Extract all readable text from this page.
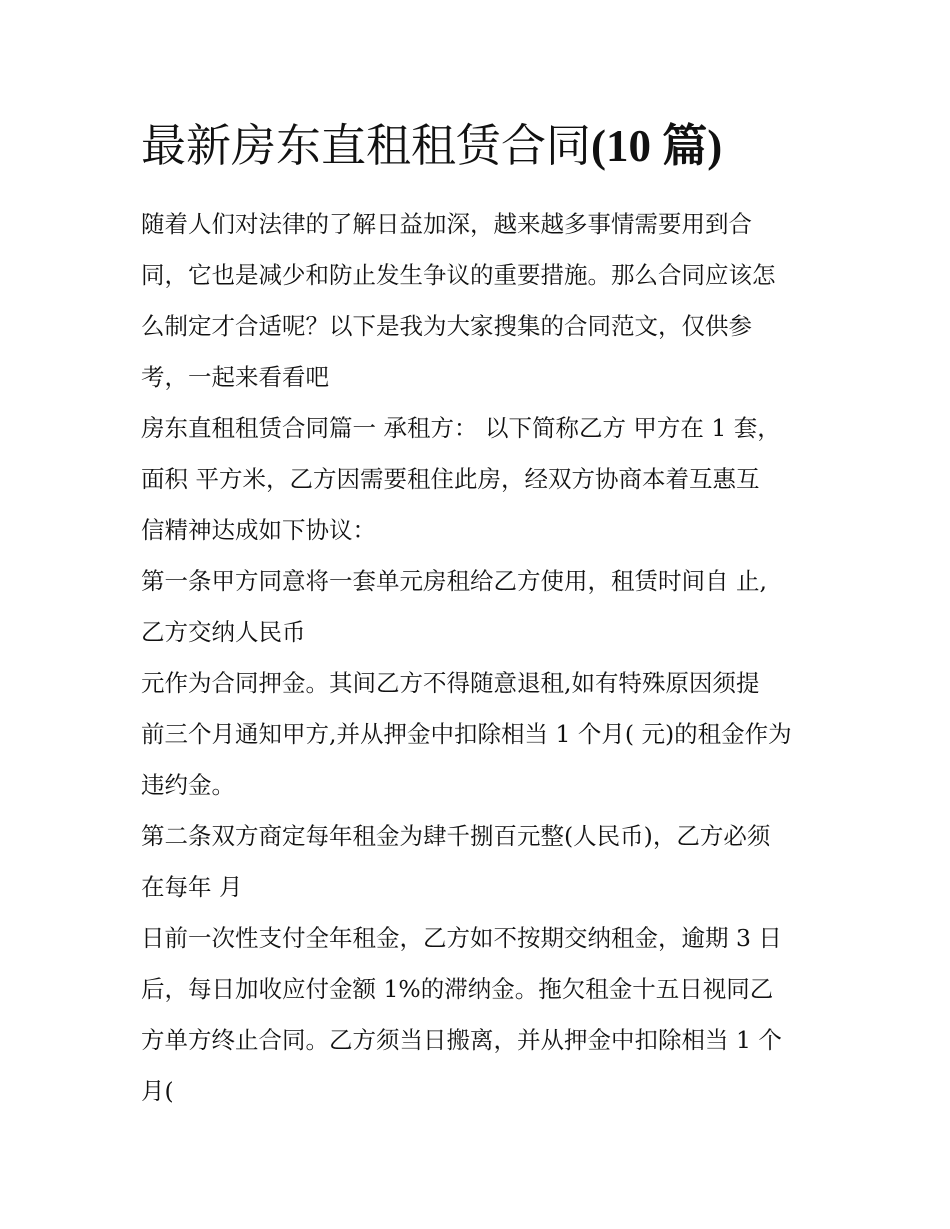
最新房东直租租赁合同(10 篇)

随着人们对法律的了解日益加深，越来越多事情需要用到合

同，它也是减少和防止发生争议的重要措施。那么合同应该怎

么制定才合适呢？以下是我为大家搜集的合同范文，仅供参

考，一起来看看吧

房东直租租赁合同篇一 承租方： 以下简称乙方 甲方在 1 套，

面积 平方米，乙方因需要租住此房，经双方协商本着互惠互

信精神达成如下协议：

第一条甲方同意将一套单元房租给乙方使用，租赁时间自 止,

乙方交纳人民币

元作为合同押金。其间乙方不得随意退租,如有特殊原因须提

前三个月通知甲方,并从押金中扣除相当 1 个月( 元)的租金作为

违约金。

第二条双方商定每年租金为肆千捌百元整(人民币)，乙方必须

在每年 月

日前一次性支付全年租金，乙方如不按期交纳租金，逾期 3 日

后，每日加收应付金额 1%的滞纳金。拖欠租金十五日视同乙

方单方终止合同。乙方须当日搬离，并从押金中扣除相当 1 个

月(
